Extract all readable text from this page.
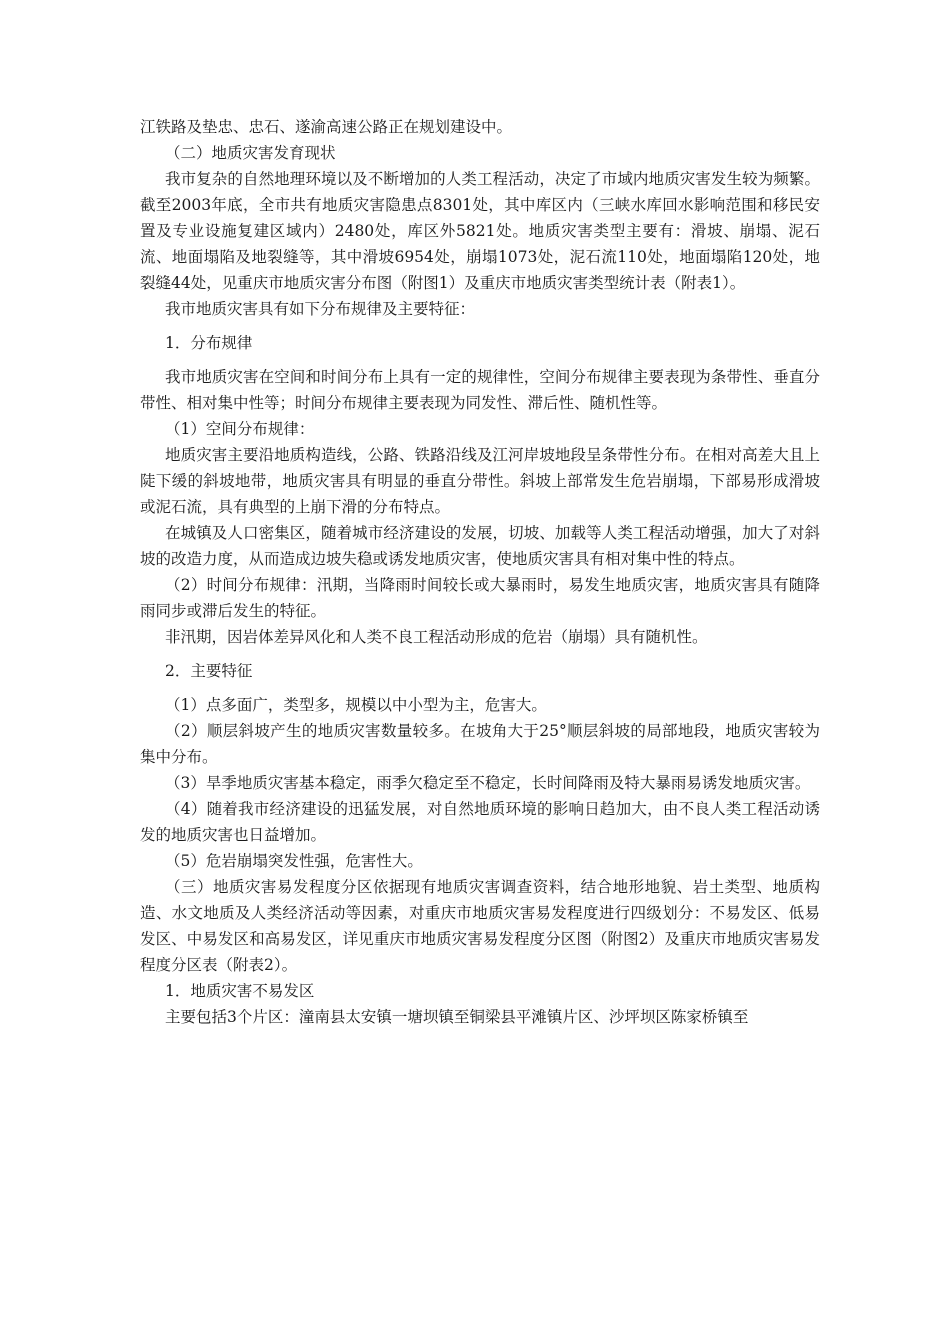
江铁路及垫忠、忠石、遂渝高速公路正在规划建设中。

（二）地质灾害发育现状

我市复杂的自然地理环境以及不断增加的人类工程活动，决定了市域内地质灾害发生较为频繁。截至2003年底，全市共有地质灾害隐患点8301处，其中库区内（三峡水库回水影响范围和移民安置及专业设施复建区域内）2480处，库区外5821处。地质灾害类型主要有：滑坡、崩塌、泥石流、地面塌陷及地裂缝等，其中滑坡6954处，崩塌1073处，泥石流110处，地面塌陷120处，地裂缝44处，见重庆市地质灾害分布图（附图1）及重庆市地质灾害类型统计表（附表1）。

我市地质灾害具有如下分布规律及主要特征：

1．分布规律

我市地质灾害在空间和时间分布上具有一定的规律性，空间分布规律主要表现为条带性、垂直分带性、相对集中性等；时间分布规律主要表现为同发性、滞后性、随机性等。

（1）空间分布规律：

地质灾害主要沿地质构造线，公路、铁路沿线及江河岸坡地段呈条带性分布。在相对高差大且上陡下缓的斜坡地带，地质灾害具有明显的垂直分带性。斜坡上部常发生危岩崩塌，下部易形成滑坡或泥石流，具有典型的上崩下滑的分布特点。

在城镇及人口密集区，随着城市经济建设的发展，切坡、加载等人类工程活动增强，加大了对斜坡的改造力度，从而造成边坡失稳或诱发地质灾害，使地质灾害具有相对集中性的特点。

（2）时间分布规律：汛期，当降雨时间较长或大暴雨时，易发生地质灾害，地质灾害具有随降雨同步或滞后发生的特征。

非汛期，因岩体差异风化和人类不良工程活动形成的危岩（崩塌）具有随机性。

2．主要特征

（1）点多面广，类型多，规模以中小型为主，危害大。

（2）顺层斜坡产生的地质灾害数量较多。在坡角大于25°顺层斜坡的局部地段，地质灾害较为集中分布。

（3）旱季地质灾害基本稳定，雨季欠稳定至不稳定，长时间降雨及特大暴雨易诱发地质灾害。

（4）随着我市经济建设的迅猛发展，对自然地质环境的影响日趋加大，由不良人类工程活动诱发的地质灾害也日益增加。

（5）危岩崩塌突发性强，危害性大。

（三）地质灾害易发程度分区依据现有地质灾害调查资料，结合地形地貌、岩土类型、地质构造、水文地质及人类经济活动等因素，对重庆市地质灾害易发程度进行四级划分：不易发区、低易发区、中易发区和高易发区，详见重庆市地质灾害易发程度分区图（附图2）及重庆市地质灾害易发程度分区表（附表2）。

1．地质灾害不易发区

主要包括3个片区：潼南县太安镇一塘坝镇至铜梁县平滩镇片区、沙坪坝区陈家桥镇至
